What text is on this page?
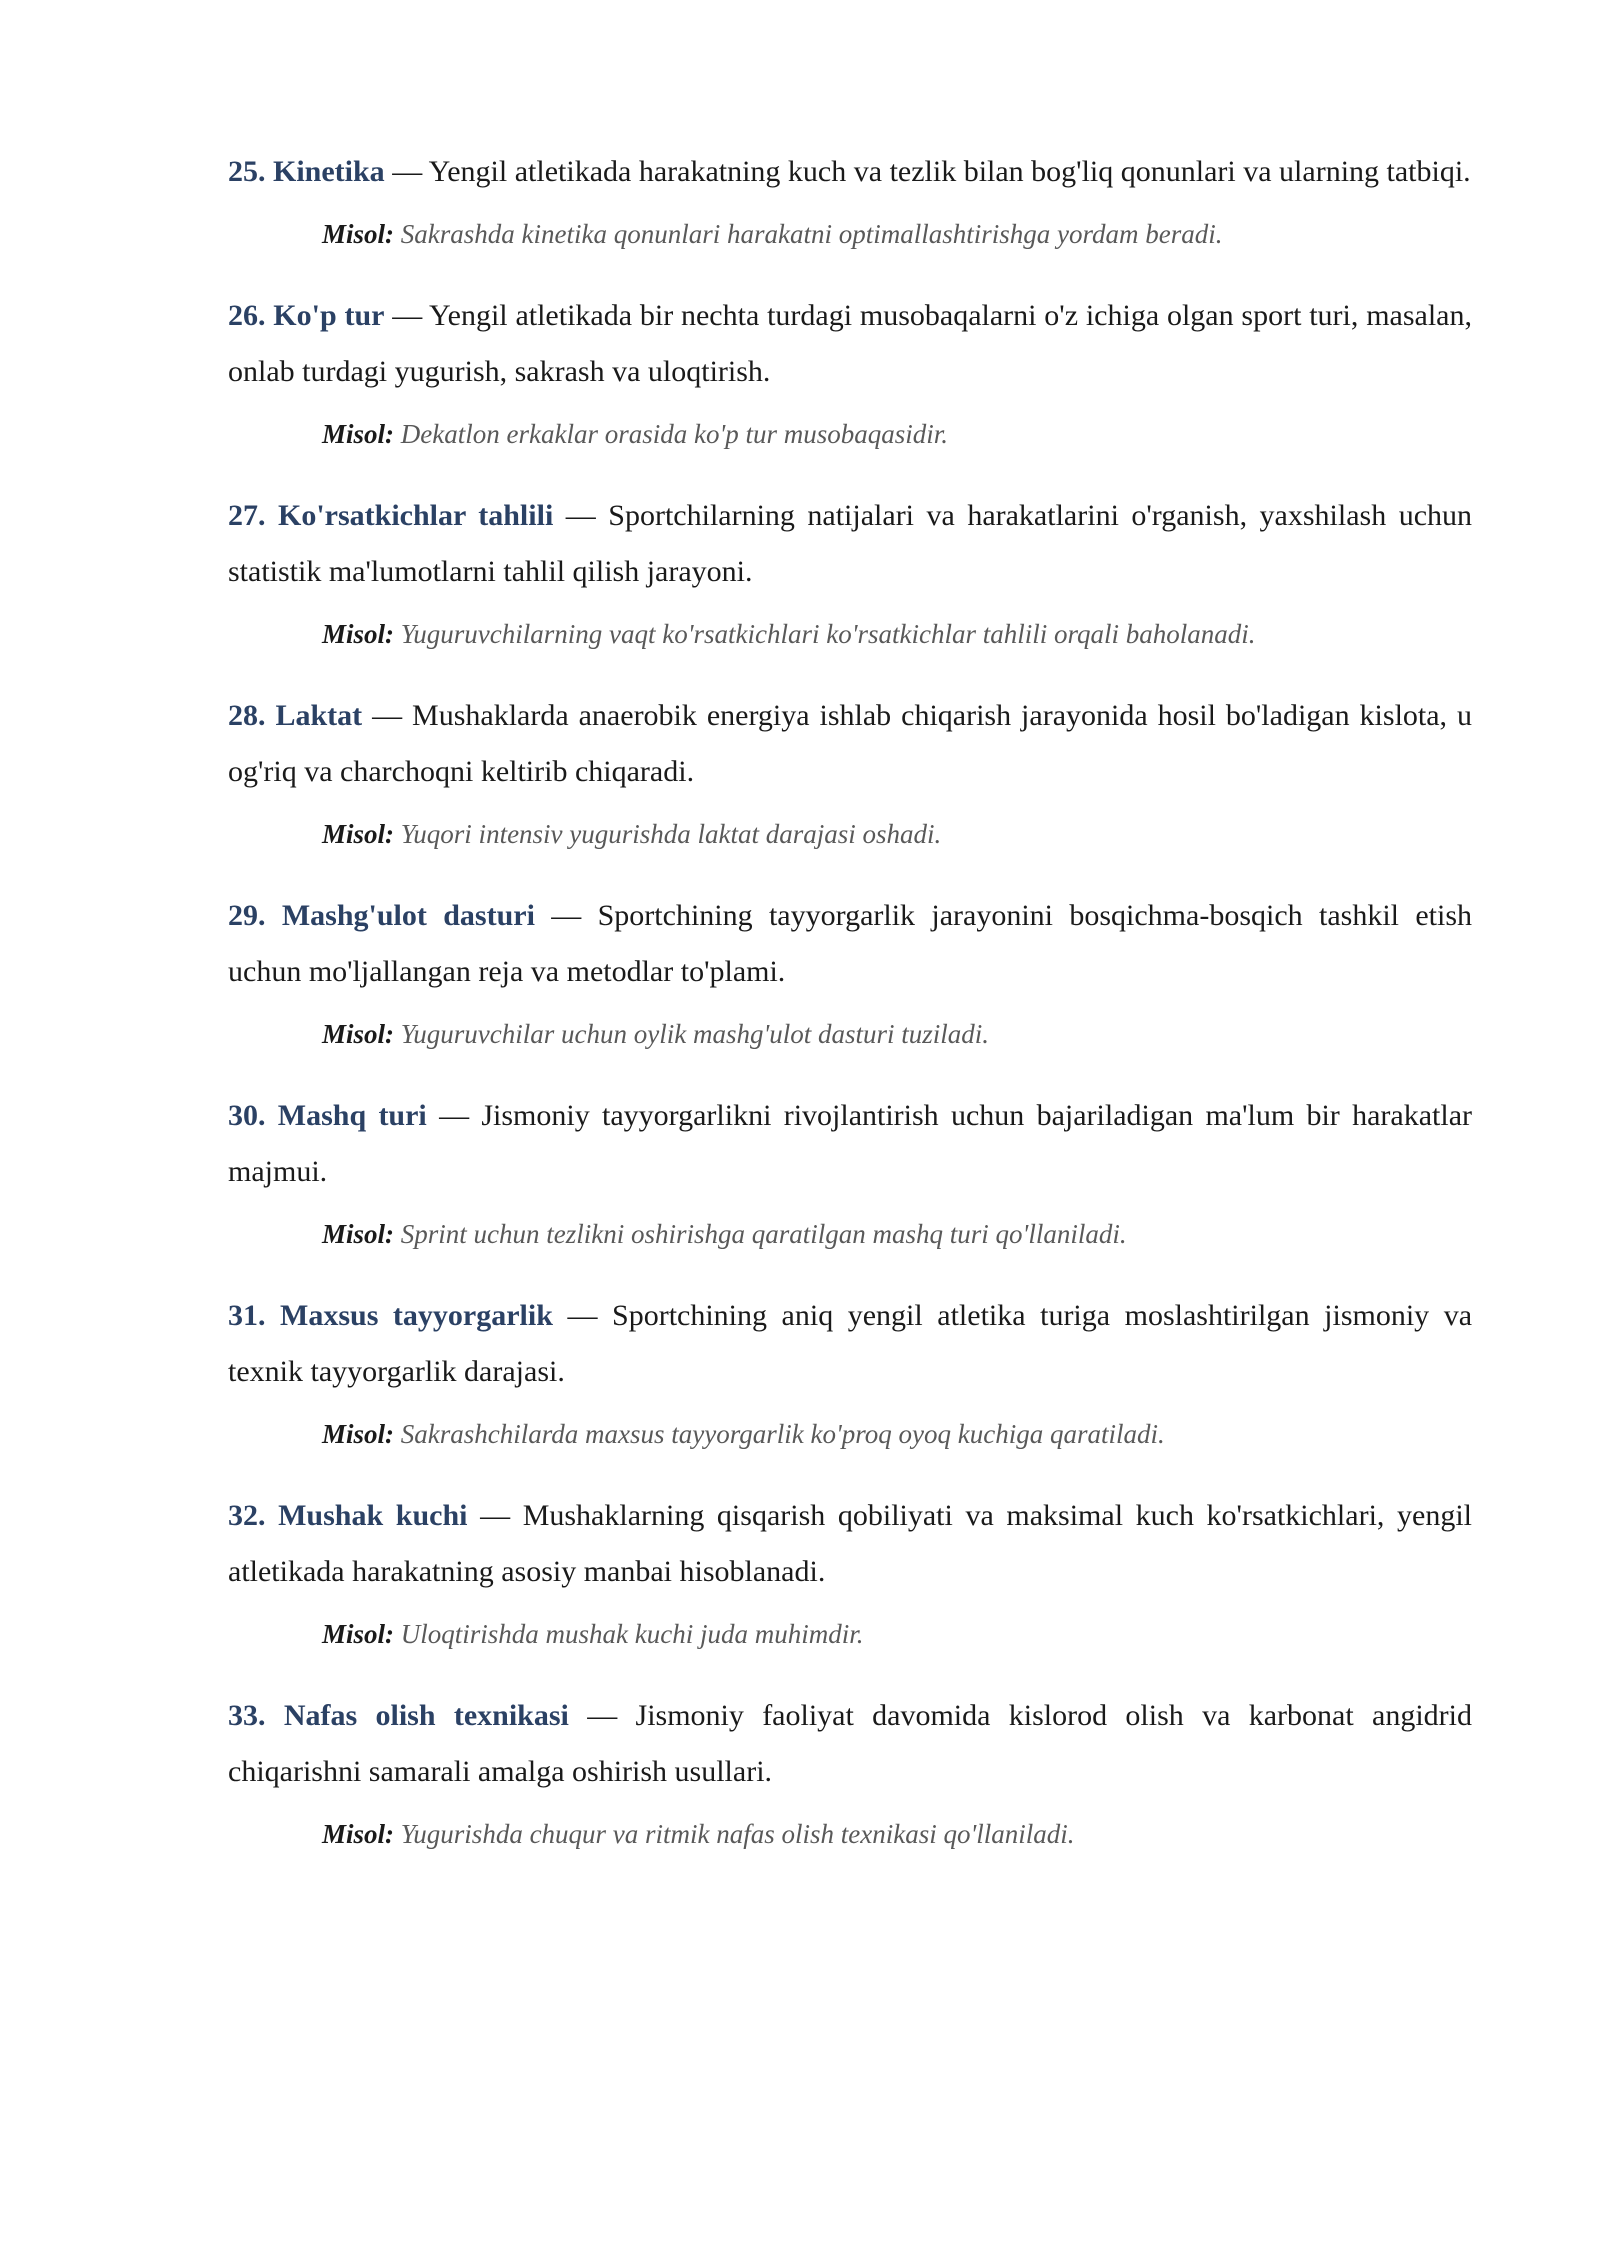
25. Kinetika — Yengil atletikada harakatning kuch va tezlik bilan bog'liq qonunlari va ularning tatbiqi.

Misol: Sakrashda kinetika qonunlari harakatni optimallashtirishga yordam beradi.

26. Ko'p tur — Yengil atletikada bir nechta turdagi musobaqalarni o'z ichiga olgan sport turi, masalan, onlab turdagi yugurish, sakrash va uloqtirish.

Misol: Dekatlon erkaklar orasida ko'p tur musobaqasidir.

27. Ko'rsatkichlar tahlili — Sportchilarning natijalari va harakatlarini o'rganish, yaxshilash uchun statistik ma'lumotlarni tahlil qilish jarayoni.

Misol: Yuguruvchilarning vaqt ko'rsatkichlari ko'rsatkichlar tahlili orqali baholanadi.

28. Laktat — Mushaklarda anaerobik energiya ishlab chiqarish jarayonida hosil bo'ladigan kislota, u og'riq va charchoqni keltirib chiqaradi.

Misol: Yuqori intensiv yugurishda laktat darajasi oshadi.

29. Mashg'ulot dasturi — Sportchining tayyorgarlik jarayonini bosqichma-bosqich tashkil etish uchun mo'ljallangan reja va metodlar to'plami.

Misol: Yuguruvchilar uchun oylik mashg'ulot dasturi tuziladi.

30. Mashq turi — Jismoniy tayyorgarlikni rivojlantirish uchun bajariladigan ma'lum bir harakatlar majmui.

Misol: Sprint uchun tezlikni oshirishga qaratilgan mashq turi qo'llaniladi.

31. Maxsus tayyorgarlik — Sportchining aniq yengil atletika turiga moslashtirilgan jismoniy va texnik tayyorgarlik darajasi.

Misol: Sakrashchilarda maxsus tayyorgarlik ko'proq oyoq kuchiga qaratiladi.

32. Mushak kuchi — Mushaklarning qisqarish qobiliyati va maksimal kuch ko'rsatkichlari, yengil atletikada harakatning asosiy manbai hisoblanadi.

Misol: Uloqtirishda mushak kuchi juda muhimdir.

33. Nafas olish texnikasi — Jismoniy faoliyat davomida kislorod olish va karbonat angidrid chiqarishni samarali amalga oshirish usullari.

Misol: Yugurishda chuqur va ritmik nafas olish texnikasi qo'llaniladi.
